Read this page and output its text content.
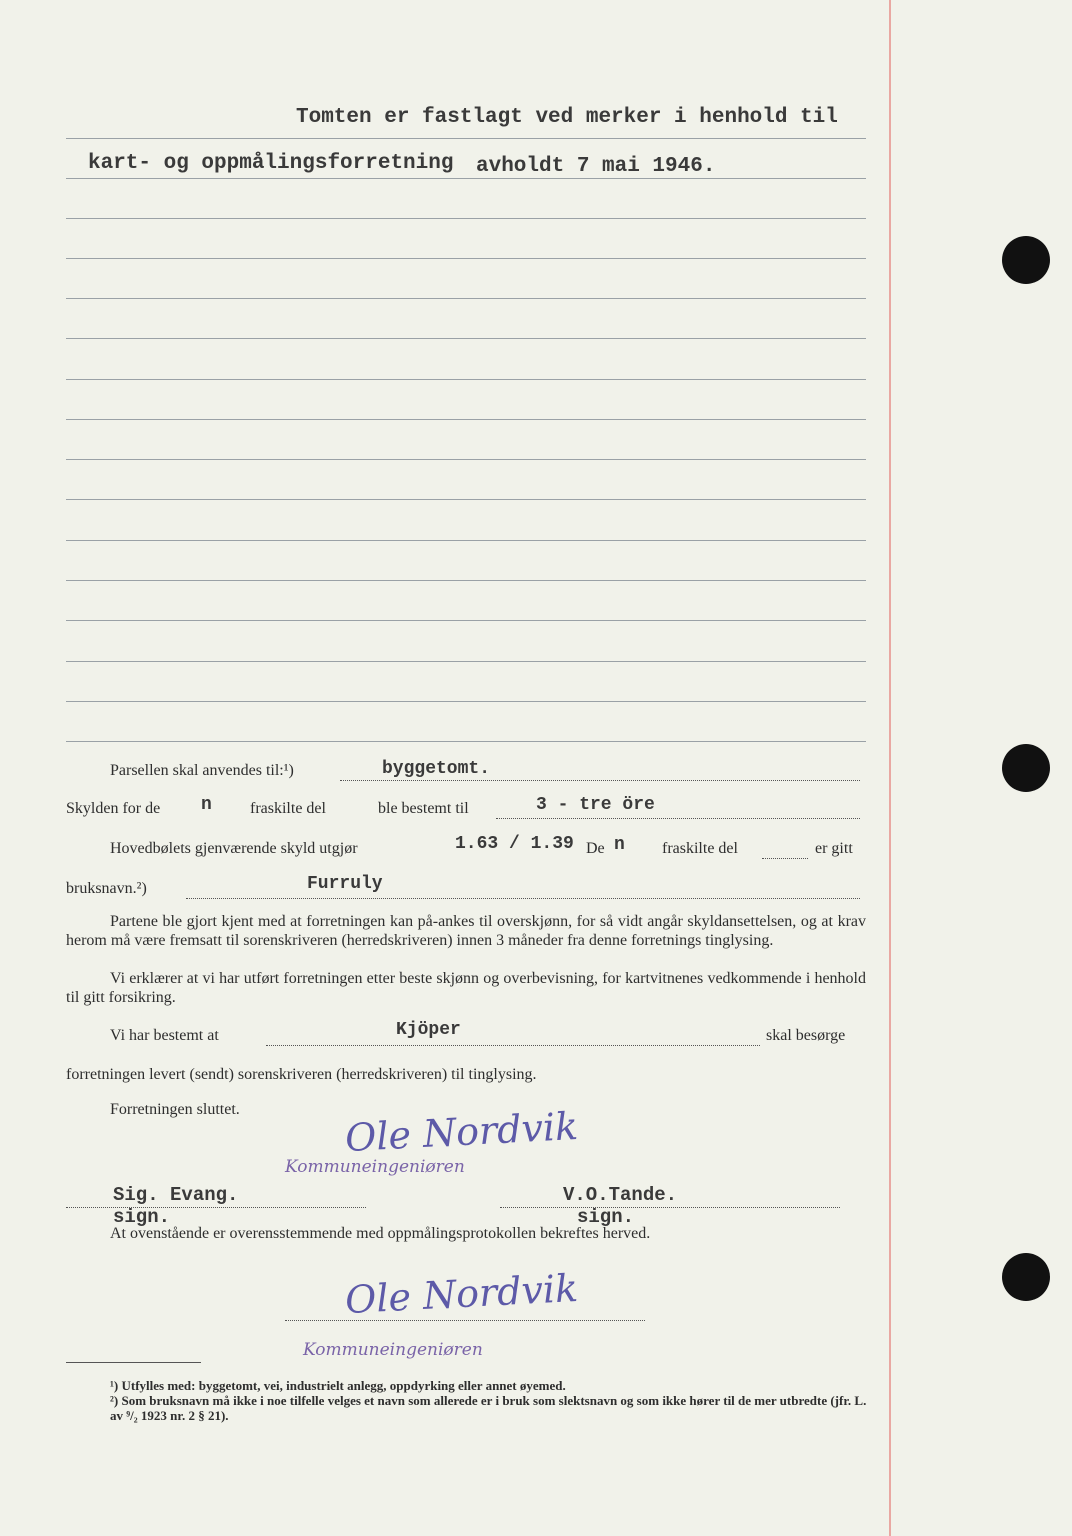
Tomten er fastlagt ved merker i henhold til
kart- og oppmålingsforretning avholdt 7 mai 1946.
Parsellen skal anvendes til:¹)	byggetomt.
Skylden for de n fraskilte del	ble bestemt til	3 - tre öre
Hovedbølets gjenværende skyld utgjør	1.63 / 1.39 De n fraskilte del	er gitt
bruksnavn.²)	Furruly
Partene ble gjort kjent med at forretningen kan på-ankes til overskjønn, for så vidt angår skyldansettelsen, og at krav herom må være fremsatt til sorenskriveren (herredskriveren) innen 3 måneder fra denne forretnings tinglysing.
Vi erklærer at vi har utført forretningen etter beste skjønn og overbevisning, for kartvitnenes vedkommende i henhold til gitt forsikring.
Vi har bestemt at	Kjöper	skal besørge
forretningen levert (sendt) sorenskriveren (herredskriveren) til tinglysing.
Forretningen sluttet.	Ole Nordvik
Kommuneingeniøren
Sig. Evang.
sign.
V.O.Tande.
sign.
At ovenstående er overensstemmende med oppmålingsprotokollen bekreftes herved.
Ole Nordvik
Kommuneingeniøren
¹) Utfylles med: byggetomt, vei, industrielt anlegg, oppdyrking eller annet øyemed.
²) Som bruksnavn må ikke i noe tilfelle velges et navn som allerede er i bruk som slektsnavn og som ikke hører til de mer utbredte (jfr. L. av ⁹/₂ 1923 nr. 2 § 21).
